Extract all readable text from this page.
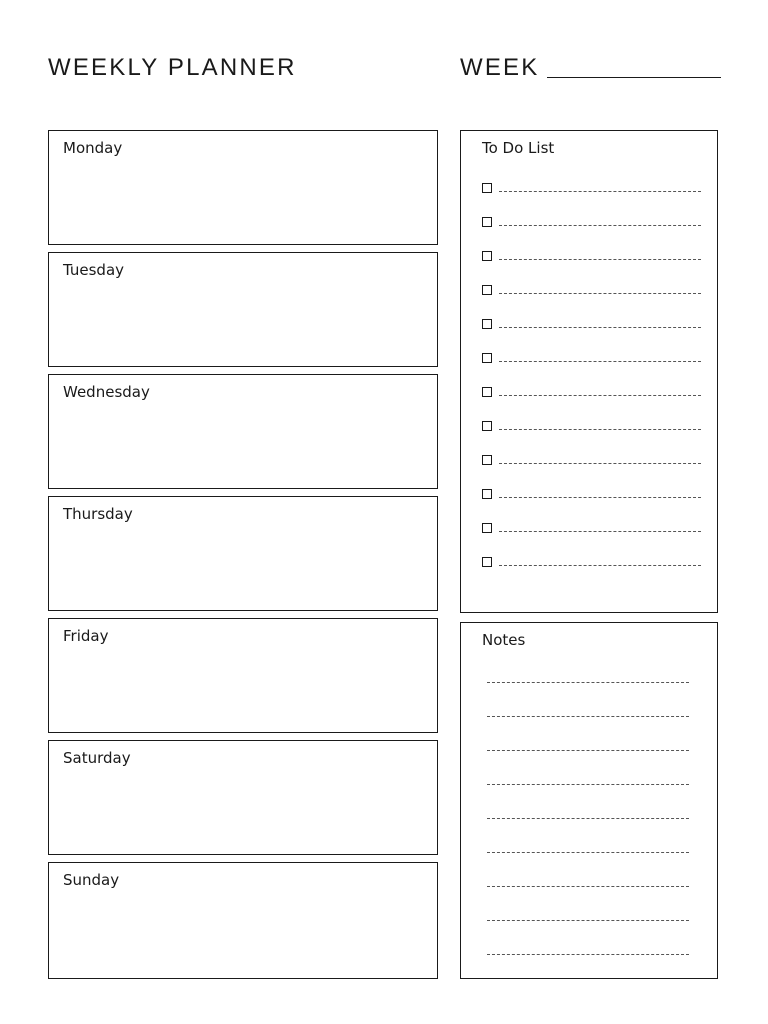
WEEKLY PLANNER	WEEK
Monday
Tuesday
Wednesday
Thursday
Friday
Saturday
Sunday
To Do List
Notes
